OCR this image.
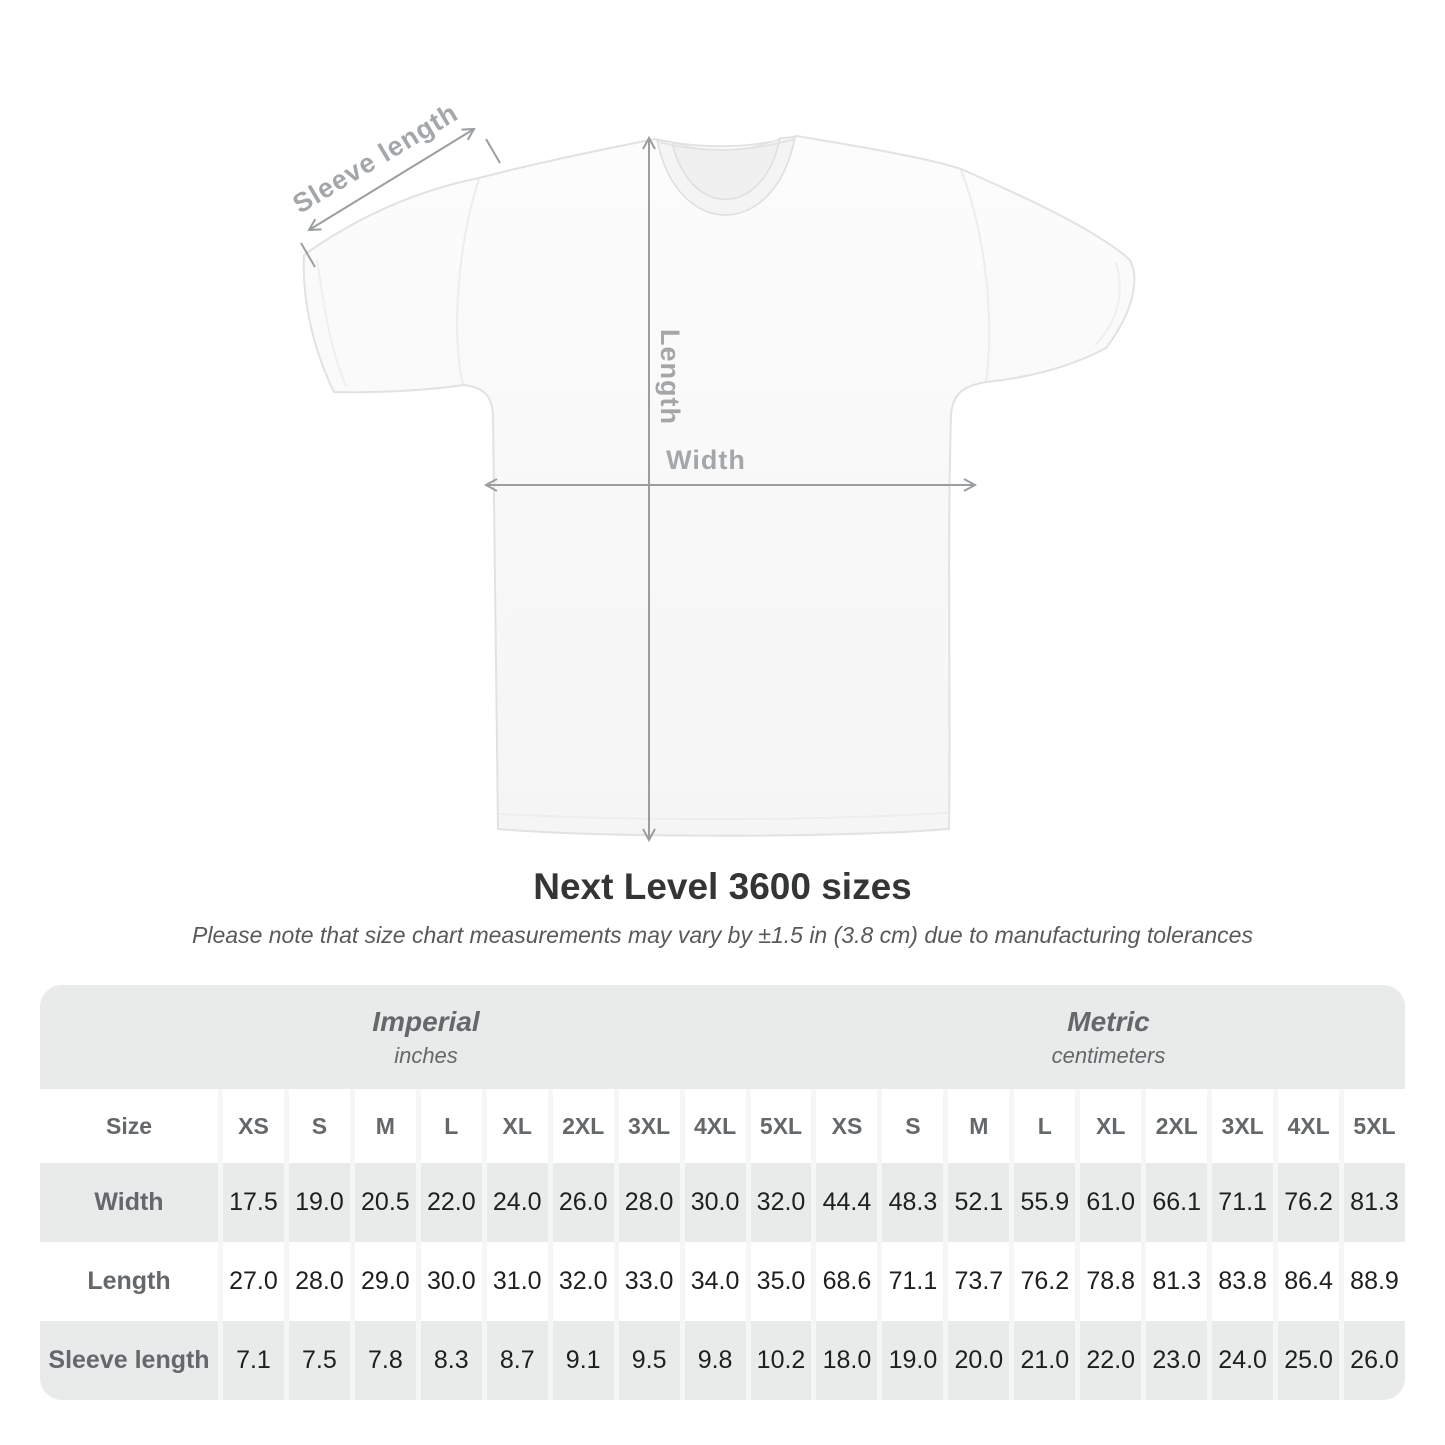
Sleeve length
Length
Width
Next Level 3600 sizes

Please note that size chart measurements may vary by ±1.5 in (3.8 cm) due to manufacturing tolerances

Imperial
inches
Metric
centimeters
Size	XS	S	M	L	XL	2XL	3XL	4XL	5XL	XS	S	M	L	XL	2XL	3XL	4XL	5XL
Width	17.5 19.0 20.5 22.0 24.0 26.0 28.0 30.0 32.0 44.4 48.3 52.1 55.9 61.0 66.1 71.1 76.2 81.3
Length	27.0 28.0 29.0 30.0 31.0 32.0 33.0 34.0 35.0 68.6 71.1 73.7 76.2 78.8 81.3 83.8 86.4 88.9
Sleeve length	7.1	7.5	7.8	8.3	8.7	9.1	9.5	9.8 10.2 18.0 19.0 20.0 21.0 22.0 23.0 24.0 25.0 26.0
